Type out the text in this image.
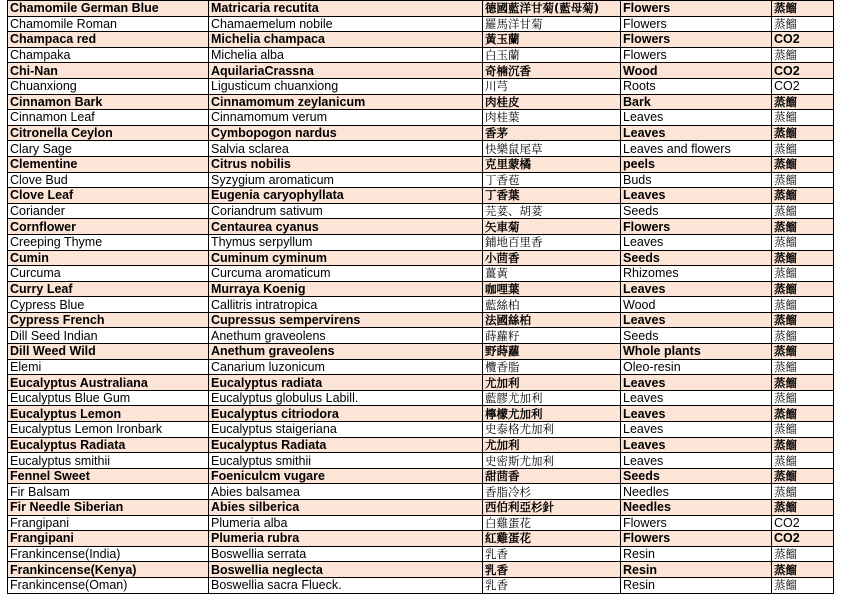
Chamomile German Blue	Matricaria recutita	德國藍洋甘菊(藍母菊)	Flowers	蒸餾
Chamomile Roman	Chamaemelum nobile	羅馬洋甘菊	Flowers	蒸餾
Champaca red	Michelia champaca	黃玉蘭	Flowers	CO2
Champaka	Michelia alba	白玉蘭	Flowers	蒸餾
Chi-Nan	AquilariaCrassna	奇楠沉香	Wood	CO2
Chuanxiong	Ligusticum chuanxiong	川芎	Roots	CO2
Cinnamon Bark	Cinnamomum zeylanicum	肉桂皮	Bark	蒸餾
Cinnamon Leaf	Cinnamomum verum	肉桂葉	Leaves	蒸餾
Citronella Ceylon	Cymbopogon nardus	香茅	Leaves	蒸餾
Clary Sage	Salvia sclarea	快樂鼠尾草	Leaves and flowers	蒸餾
Clementine	Citrus nobilis	克里蒙橘	peels	蒸餾
Clove Bud	Syzygium aromaticum	丁香苞	Buds	蒸餾
Clove Leaf	Eugenia caryophyllata	丁香葉	Leaves	蒸餾
Coriander	Coriandrum sativum	芫荽、胡荽	Seeds	蒸餾
Cornflower	Centaurea cyanus	矢車菊	Flowers	蒸餾
Creeping Thyme	Thymus serpyllum	鋪地百里香	Leaves	蒸餾
Cumin	Cuminum cyminum	小茴香	Seeds	蒸餾
Curcuma	Curcuma aromaticum	薑黃	Rhizomes	蒸餾
Curry Leaf	Murraya Koenig	咖哩葉	Leaves	蒸餾
Cypress Blue	Callitris intratropica	藍絲柏	Wood	蒸餾
Cypress French	Cupressus sempervirens	法國絲柏	Leaves	蒸餾
Dill Seed Indian	Anethum graveolens	蒔蘿籽	Seeds	蒸餾
Dill Weed Wild	Anethum graveolens	野蒔蘿	Whole plants	蒸餾
Elemi	Canarium luzonicum	欖香脂	Oleo-resin	蒸餾
Eucalyptus Australiana	Eucalyptus radiata	尤加利	Leaves	蒸餾
Eucalyptus Blue Gum	Eucalyptus globulus Labill.	藍膠尤加利	Leaves	蒸餾
Eucalyptus Lemon	Eucalyptus citriodora	檸檬尤加利	Leaves	蒸餾
Eucalyptus Lemon Ironbark	Eucalyptus staigeriana	史泰格尤加利	Leaves	蒸餾
Eucalyptus Radiata	Eucalyptus Radiata	尤加利	Leaves	蒸餾
Eucalyptus smithii	Eucalyptus smithii	史密斯尤加利	Leaves	蒸餾
Fennel Sweet	Foeniculcm vugare	甜茴香	Seeds	蒸餾
Fir Balsam	Abies balsamea	香脂冷杉	Needles	蒸餾
Fir Needle Siberian	Abies silberica	西伯利亞杉針	Needles	蒸餾
Frangipani	Plumeria alba	白雞蛋花	Flowers	CO2
Frangipani	Plumeria rubra	紅雞蛋花	Flowers	CO2
Frankincense(India)	Boswellia serrata	乳香	Resin	蒸餾
Frankincense(Kenya)	Boswellia neglecta	乳香	Resin	蒸餾
Frankincense(Oman)	Boswellia sacra Flueck.	乳香	Resin	蒸餾
